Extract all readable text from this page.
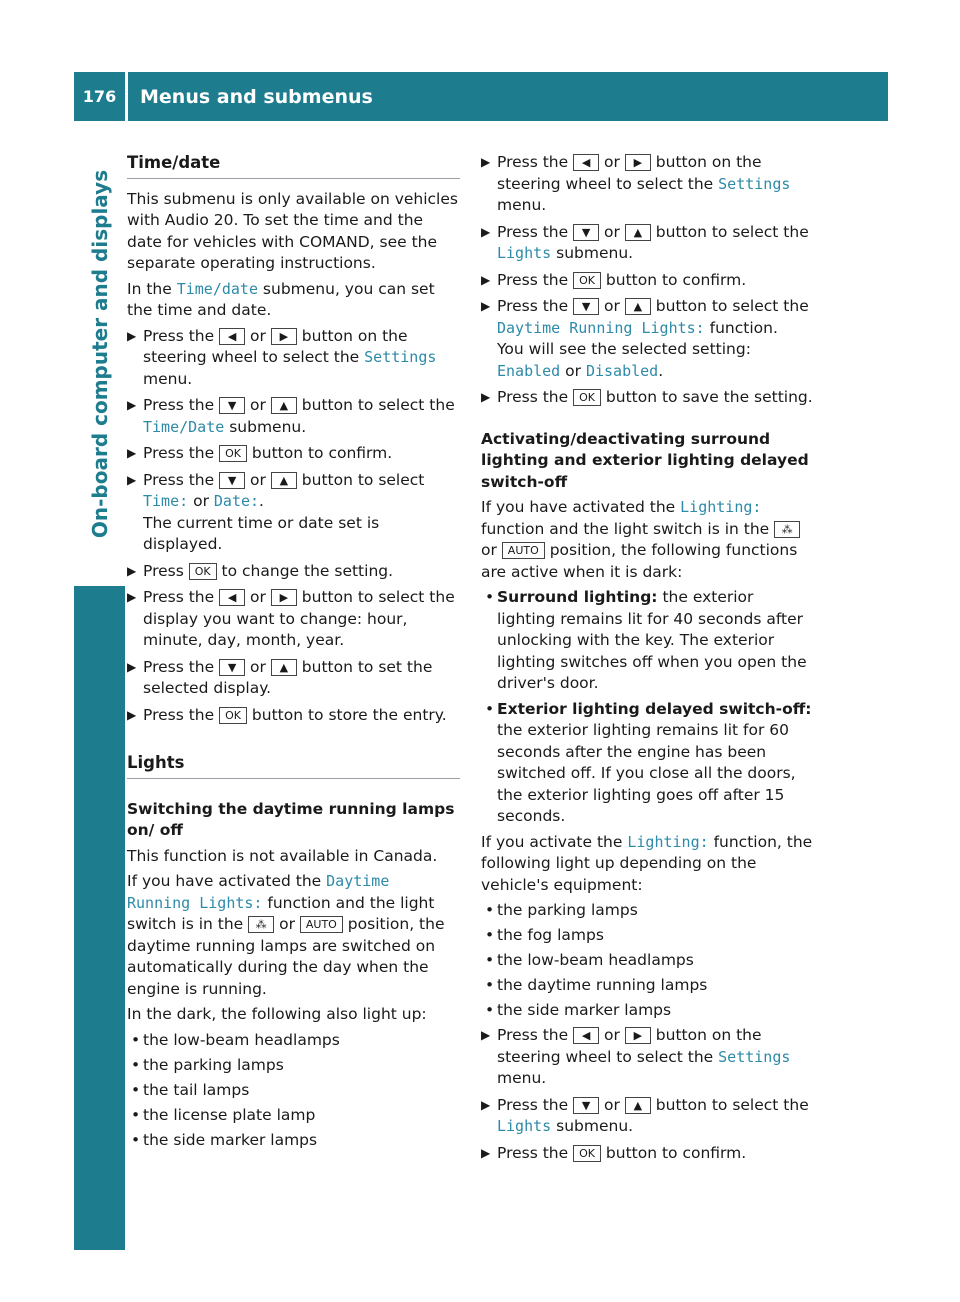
176	Menus and submenus
On-board computer and displays
Time/date

This submenu is only available on vehicles with Audio 20. To set the time and the date for vehicles with COMAND, see the separate operating instructions.

In the Time/date submenu, you can set the time and date.

▶ Press the ◀ or ▶ button on the steering wheel to select the Settings menu.
▶ Press the ▼ or ▲ button to select the Time/Date submenu.
▶ Press the OK button to confirm.
▶ Press the ▼ or ▲ button to select Time: or Date:.
The current time or date set is displayed.
▶ Press OK to change the setting.
▶ Press the ◀ or ▶ button to select the display you want to change: hour, minute, day, month, year.
▶ Press the ▼ or ▲ button to set the selected display.
▶ Press the OK button to store the entry.
Lights
Switching the daytime running lamps on/ off

This function is not available in Canada.

If you have activated the Daytime Running Lights: function and the light switch is in the ⁂ or AUTO position, the daytime running lamps are switched on automatically during the day when the engine is running.

In the dark, the following also light up:

• the low-beam headlamps
• the parking lamps
• the tail lamps
• the license plate lamp
• the side marker lamps
▶ Press the ◀ or ▶ button on the steering wheel to select the Settings menu.
▶ Press the ▼ or ▲ button to select the Lights submenu.
▶ Press the OK button to confirm.
▶ Press the ▼ or ▲ button to select the Daytime Running Lights: function.
You will see the selected setting: Enabled or Disabled.
▶ Press the OK button to save the setting.
Activating/deactivating surround lighting and exterior lighting delayed switch-off

If you have activated the Lighting: function and the light switch is in the ⁂ or AUTO position, the following functions are active when it is dark:

• Surround lighting: the exterior lighting remains lit for 40 seconds after unlocking with the key. The exterior lighting switches off when you open the driver's door.
• Exterior lighting delayed switch-off: the exterior lighting remains lit for 60 seconds after the engine has been switched off. If you close all the doors, the exterior lighting goes off after 15 seconds.

If you activate the Lighting: function, the following light up depending on the vehicle's equipment:

• the parking lamps
• the fog lamps
• the low-beam headlamps
• the daytime running lamps
• the side marker lamps
▶ Press the ◀ or ▶ button on the steering wheel to select the Settings menu.
▶ Press the ▼ or ▲ button to select the Lights submenu.
▶ Press the OK button to confirm.
